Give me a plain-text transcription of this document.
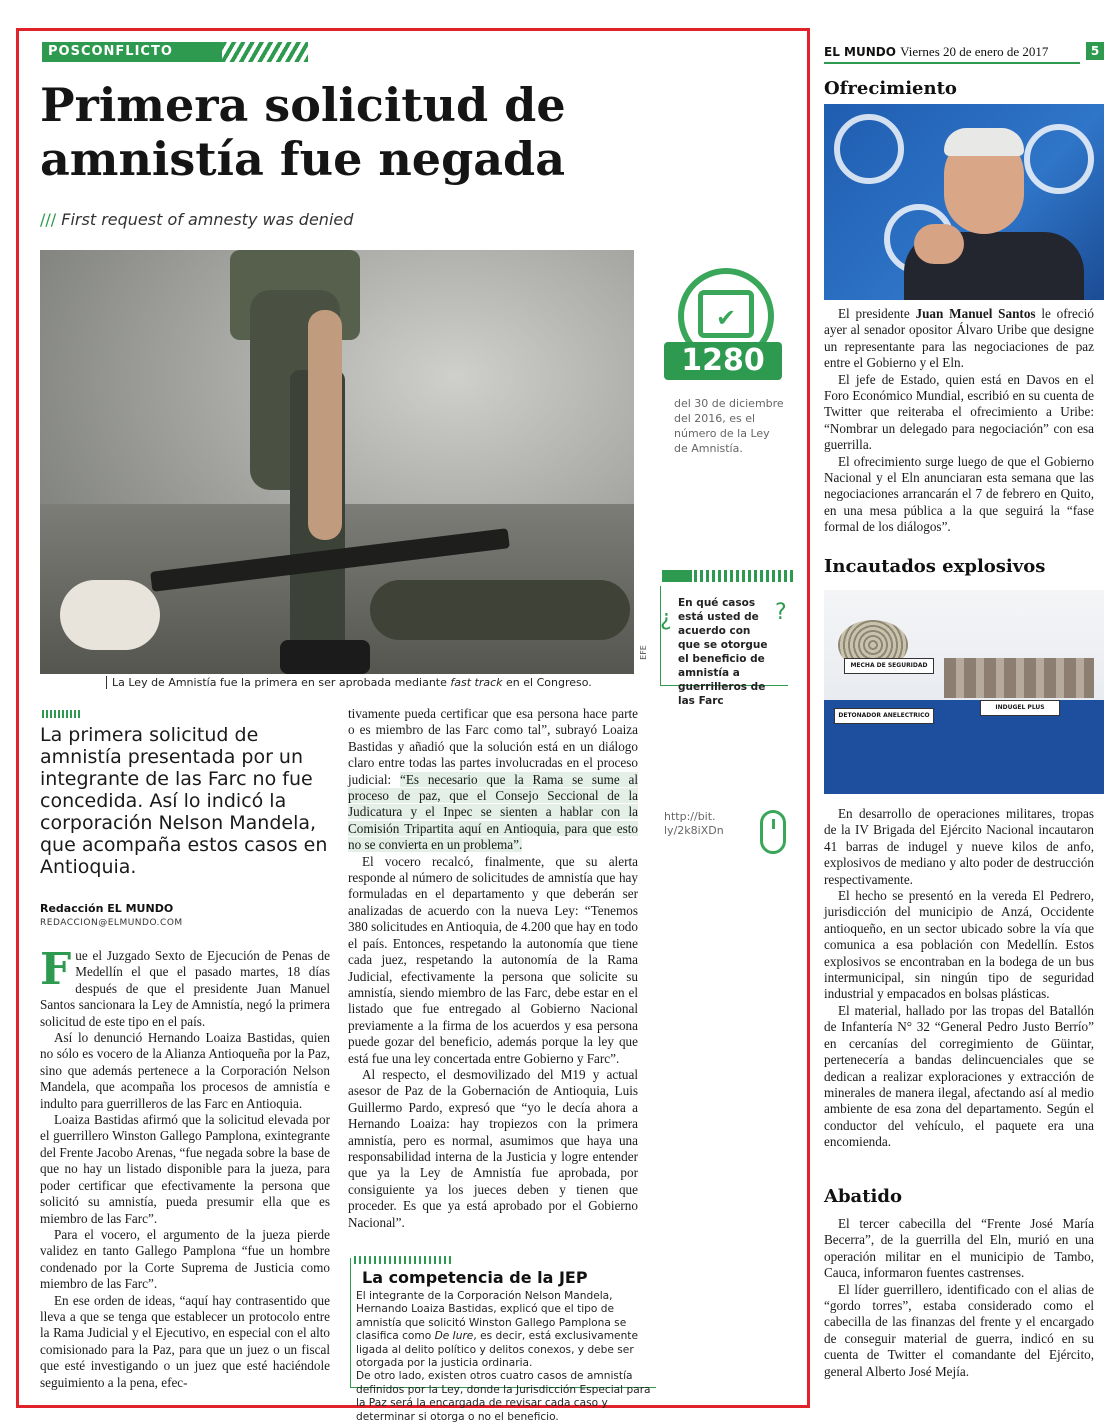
POSCONFLICTO
Primera solicitud de amnistía fue negada
/// First request of amnesty was denied
EFE
La Ley de Amnistía fue la primera en ser aprobada mediante fast track en el Congreso.
✔
1280
del 30 de diciembre del 2016, es el número de la Ley de Amnistía.
¿
En qué casos está usted de acuerdo con que se otorgue el beneficio de amnistía a guerrilleros de las Farc
?
http://bit.
ly/2k8iXDn
La primera solicitud de amnistía presentada por un integrante de las Farc no fue concedida. Así lo indicó la corporación Nelson Mandela, que acompaña estos casos en Antioquia.
Redacción EL MUNDO
REDACCION@ELMUNDO.COM

Fue el Juzgado Sexto de Ejecución de Penas de Medellín el que el pasado martes, 18 días después de que el presidente Juan Manuel Santos sancionara la Ley de Amnistía, negó la primera solicitud de este tipo en el país.

Así lo denunció Hernando Loaiza Bastidas, quien no sólo es vocero de la Alianza Antioqueña por la Paz, sino que además pertenece a la Corporación Nelson Mandela, que acompaña los procesos de amnistía e indulto para guerrilleros de las Farc en Antioquia.

Loaiza Bastidas afirmó que la solicitud elevada por el guerrillero Winston Gallego Pamplona, exintegrante del Frente Jacobo Arenas, “fue negada sobre la base de que no hay un listado disponible para la jueza, para poder certificar que efectivamente la persona que solicitó su amnistía, pueda presumir ella que es miembro de las Farc”.

Para el vocero, el argumento de la jueza pierde validez en tanto Gallego Pamplona “fue un hombre condenado por la Corte Suprema de Justicia como miembro de las Farc”.

En ese orden de ideas, “aquí hay contrasentido que lleva a que se tenga que establecer un protocolo entre la Rama Judicial y el Ejecutivo, en especial con el alto comisionado para la Paz, para que un juez o un fiscal que esté investigando o un juez que esté haciéndole seguimiento a la pena, efec-

tivamente pueda certificar que esa persona hace parte o es miembro de las Farc como tal”, subrayó Loaiza Bastidas y añadió que la solución está en un diálogo claro entre todas las partes involucradas en el proceso judicial: “Es necesario que la Rama se sume al proceso de paz, que el Consejo Seccional de la Judicatura y el Inpec se sienten a hablar con la Comisión Tripartita aquí en Antioquia, para que esto no se convierta en un problema”.

El vocero recalcó, finalmente, que su alerta responde al número de solicitudes de amnistía que hay formuladas en el departamento y que deberán ser analizadas de acuerdo con la nueva Ley: “Tenemos 380 solicitudes en Antioquia, de 4.200 que hay en todo el país. Entonces, respetando la autonomía que tiene cada juez, respetando la autonomía de la Rama Judicial, efectivamente la persona que solicite su amnistía, siendo miembro de las Farc, debe estar en el listado que fue entregado al Gobierno Nacional previamente a la firma de los acuerdos y esa persona puede gozar del beneficio, además porque la ley que está fue una ley concertada entre Gobierno y Farc”.

Al respecto, el desmovilizado del M19 y actual asesor de Paz de la Gobernación de Antioquia, Luis Guillermo Pardo, expresó que “yo le decía ahora a Hernando Loaiza: hay tropiezos con la primera amnistía, pero es normal, asumimos que haya una responsabilidad interna de la Justicia y logre entender que ya la Ley de Amnistía fue aprobada, por consiguiente ya los jueces deben y tienen que proceder. Es que ya está aprobado por el Gobierno Nacional”.

La competencia de la JEP

El integrante de la Corporación Nelson Mandela, Hernando Loaiza Bastidas, explicó que el tipo de amnistía que solicitó Winston Gallego Pamplona se clasifica como De Iure, es decir, está exclusivamente ligada al delito político y delitos conexos, y debe ser otorgada por la justicia ordinaria.

De otro lado, existen otros cuatro casos de amnistía definidos por la Ley, donde la Jurisdicción Especial para la Paz será la encargada de revisar cada caso y determinar si otorga o no el beneficio.

EL MUNDO Viernes 20 de enero de 2017	5
Ofrecimiento

El presidente Juan Manuel Santos le ofreció ayer al senador opositor Álvaro Uribe que designe un representante para las negociaciones de paz entre el Gobierno y el Eln.

El jefe de Estado, quien está en Davos en el Foro Económico Mundial, escribió en su cuenta de Twitter que reiteraba el ofrecimiento a Uribe: “Nombrar un delegado para negociación” con esa guerrilla.

El ofrecimiento surge luego de que el Gobierno Nacional y el Eln anunciaran esta semana que las negociaciones arrancarán el 7 de febrero en Quito, en una mesa pública a la que seguirá la “fase formal de los diálogos”.

Incautados explosivos
MECHA DE SEGURIDAD
DETONADOR ANELECTRICO
INDUGEL PLUS

En desarrollo de operaciones militares, tropas de la IV Brigada del Ejército Nacional incautaron 41 barras de indugel y nueve kilos de anfo, explosivos de mediano y alto poder de destrucción respectivamente.

El hecho se presentó en la vereda El Pedrero, jurisdicción del municipio de Anzá, Occidente antioqueño, en un sector ubicado sobre la vía que comunica a esa población con Medellín. Estos explosivos se encontraban en la bodega de un bus intermunicipal, sin ningún tipo de seguridad industrial y empacados en bolsas plásticas.

El material, hallado por las tropas del Batallón de Infantería N° 32 “General Pedro Justo Berrío” en cercanías del corregimiento de Güintar, pertenecería a bandas delincuenciales que se dedican a realizar exploraciones y extracción de minerales de manera ilegal, afectando así al medio ambiente de esa zona del departamento. Según el conductor del vehículo, el paquete era una encomienda.

Abatido

El tercer cabecilla del “Frente José María Becerra”, de la guerrilla del Eln, murió en una operación militar en el municipio de Tambo, Cauca, informaron fuentes castrenses.

El líder guerrillero, identificado con el alias de “gordo torres”, estaba considerado como el cabecilla de las finanzas del frente y el encargado de conseguir material de guerra, indicó en su cuenta de Twitter el comandante del Ejército, general Alberto José Mejía.
